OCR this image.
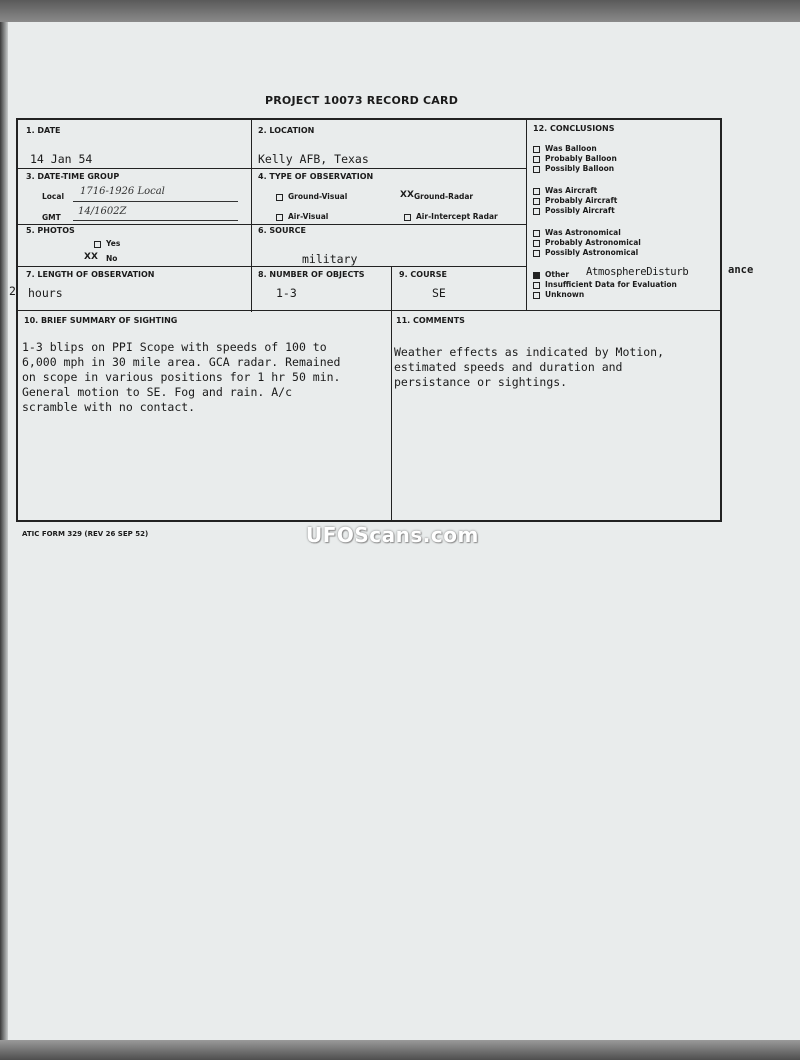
PROJECT 10073 RECORD CARD
1. DATE
14 Jan 54
2. LOCATION
Kelly AFB, Texas
3. DATE-TIME GROUP
Local 1716-1926 Local
GMT
14/1602Z
4. TYPE OF OBSERVATION
Ground-Visual	XX Ground-Radar
Air-Visual	Air-Intercept Radar
5. PHOTOS
Yes
XX No
6. SOURCE
military
7. LENGTH OF OBSERVATION
hours
8. NUMBER OF OBJECTS
1-3
9. COURSE
SE
12. CONCLUSIONS
Was Balloon
Probably Balloon
Possibly Balloon
Was Aircraft
Probably Aircraft
Possibly Aircraft
Was Astronomical
Probably Astronomical
Possibly Astronomical
Other AtmosphereDisturb
Insufficient Data for Evaluation
Unknown
10. BRIEF SUMMARY OF SIGHTING
1-3 blips on PPI Scope with speeds of 100 to
6,000 mph in 30 mile area. GCA radar. Remained
on scope in various positions for 1 hr 50 min.
General motion to SE. Fog and rain. A/c
scramble with no contact.
11. COMMENTS
Weather effects as indicated by Motion,
estimated speeds and duration and
persistance or sightings.
2
ance
ATIC FORM 329 (REV 26 SEP 52)	UFOScans.com
